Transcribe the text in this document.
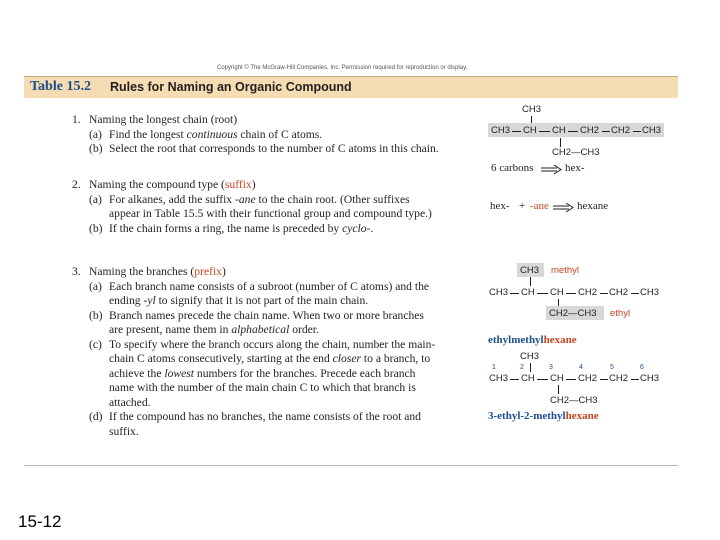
Copyright © The McGraw-Hill Companies, Inc. Permission required for reproduction or display.
Table 15.2 Rules for Naming an Organic Compound
1. Naming the longest chain (root)
(a) Find the longest continuous chain of C atoms.
(b) Select the root that corresponds to the number of C atoms in this chain.
2. Naming the compound type (suffix)
(a) For alkanes, add the suffix -ane to the chain root. (Other suffixes appear in Table 15.5 with their functional group and compound type.)
(b) If the chain forms a ring, the name is preceded by cyclo-.
3. Naming the branches (prefix)
(a) Each branch name consists of a subroot (number of C atoms) and the ending -yl to signify that it is not part of the main chain.
(b) Branch names precede the chain name. When two or more branches are present, name them in alphabetical order.
(c) To specify where the branch occurs along the chain, number the main-chain C atoms consecutively, starting at the end closer to a branch, to achieve the lowest numbers for the branches. Precede each branch name with the number of the main chain C to which that branch is attached.
(d) If the compound has no branches, the name consists of the root and suffix.
CH3
CH3 CH CH CH2 CH2 CH3
CH2—CH3
6 carbons	hex-
hex- + -ane	hexane
CH3 methyl
CH3 CH CH CH2 CH2 CH3
CH2—CH3 ethyl
ethylmethylhexane
CH3
1	2	3	4	5	6
CH3 CH CH CH2 CH2 CH3
CH2—CH3
3-ethyl-2-methylhexane
15-12
